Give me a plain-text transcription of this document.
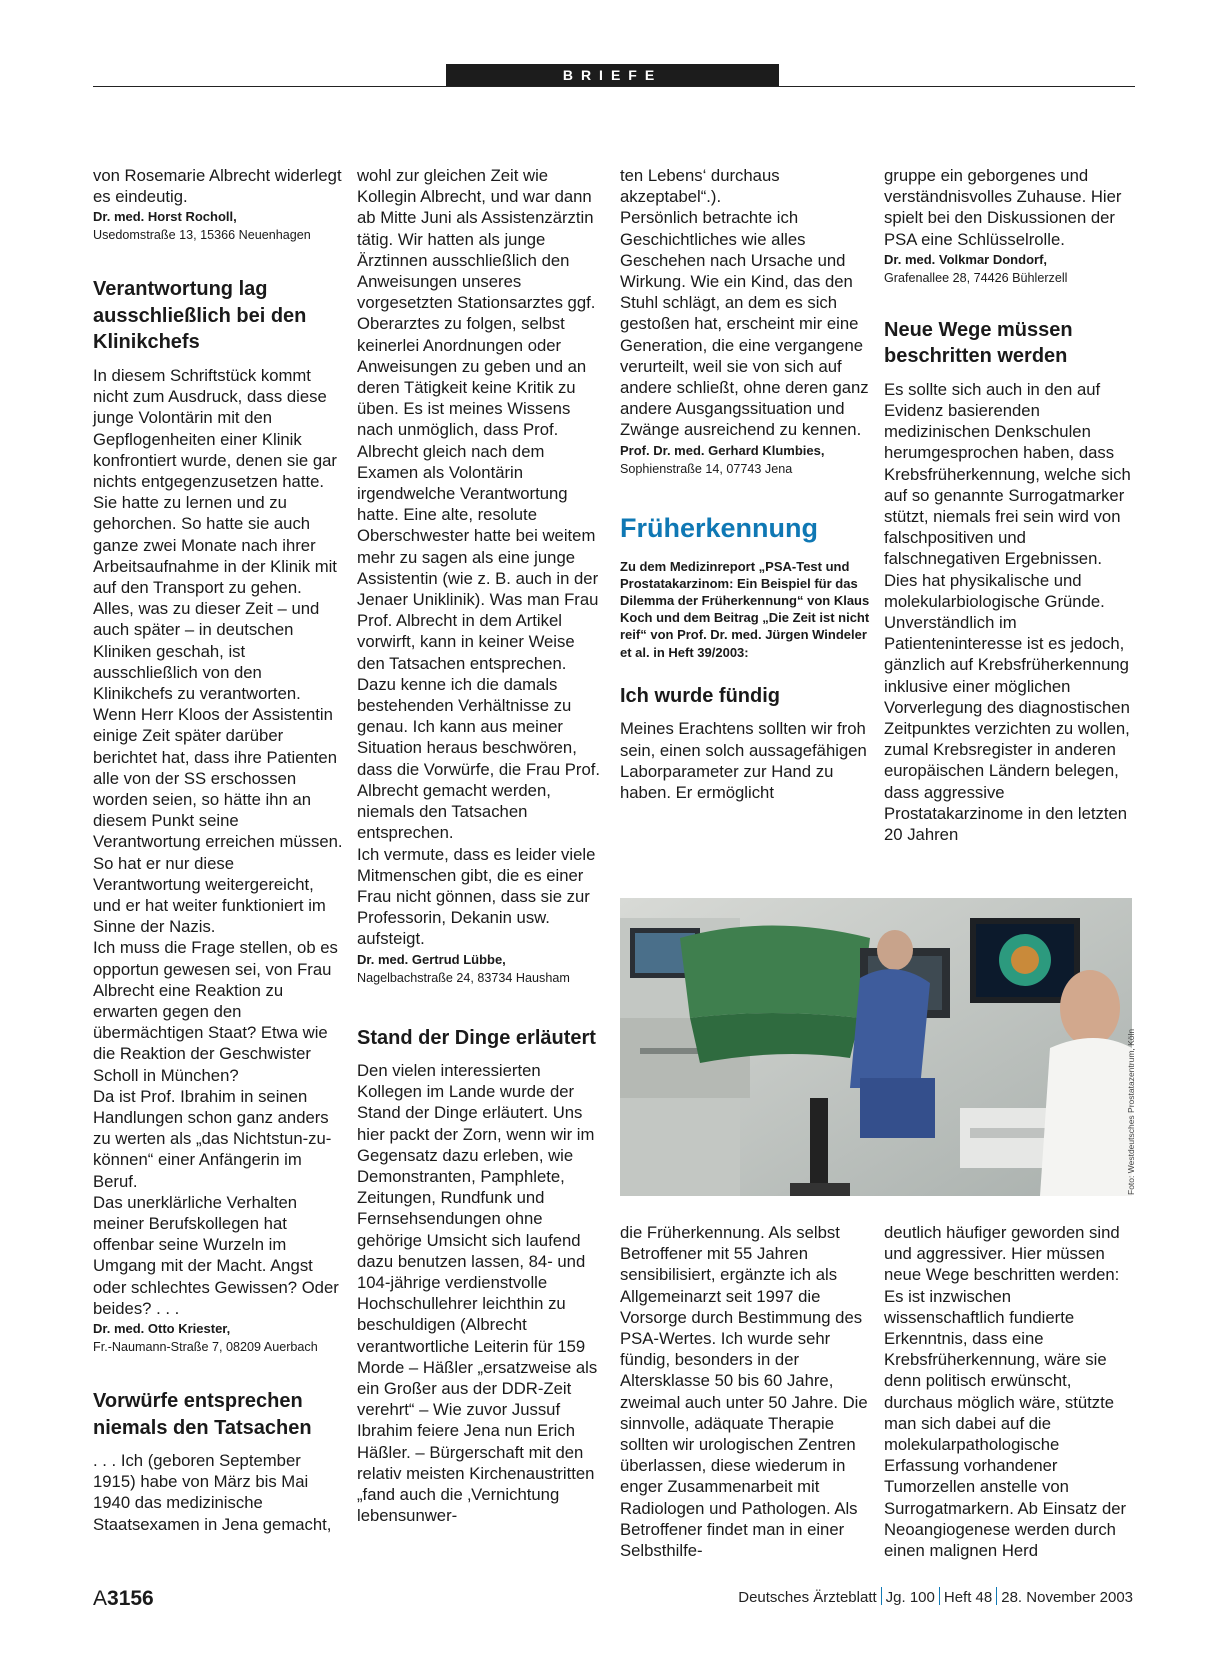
BRIEFE

von Rosemarie Albrecht widerlegt es eindeutig.

Dr. med. Horst Rocholl,
Usedomstraße 13, 15366 Neuenhagen
Verantwortung lag ausschließlich bei den Klinikchefs

In diesem Schriftstück kommt nicht zum Ausdruck, dass diese junge Volontärin mit den Gepflogenheiten einer Klinik konfrontiert wurde, denen sie gar nichts entgegenzusetzen hatte. Sie hatte zu lernen und zu gehorchen. So hatte sie auch ganze zwei Monate nach ihrer Arbeitsaufnahme in der Klinik mit auf den Transport zu gehen. Alles, was zu dieser Zeit – und auch später – in deutschen Kliniken geschah, ist ausschließlich von den Klinikchefs zu verantworten. Wenn Herr Kloos der Assistentin einige Zeit später darüber berichtet hat, dass ihre Patienten alle von der SS erschossen worden seien, so hätte ihn an diesem Punkt seine Verantwortung erreichen müssen. So hat er nur diese Verantwortung weitergereicht, und er hat weiter funktioniert im Sinne der Nazis.

Ich muss die Frage stellen, ob es opportun gewesen sei, von Frau Albrecht eine Reaktion zu erwarten gegen den übermächtigen Staat? Etwa wie die Reaktion der Geschwister Scholl in München?

Da ist Prof. Ibrahim in seinen Handlungen schon ganz anders zu werten als „das Nichtstun-zu-können“ einer Anfängerin im Beruf.

Das unerklärliche Verhalten meiner Berufskollegen hat offenbar seine Wurzeln im Umgang mit der Macht. Angst oder schlechtes Gewissen? Oder beides? . . .

Dr. med. Otto Kriester,
Fr.-Naumann-Straße 7, 08209 Auerbach
Vorwürfe entsprechen niemals den Tatsachen

. . . Ich (geboren September 1915) habe von März bis Mai 1940 das medizinische Staatsexamen in Jena gemacht,

wohl zur gleichen Zeit wie Kollegin Albrecht, und war dann ab Mitte Juni als Assistenzärztin tätig. Wir hatten als junge Ärztinnen ausschließlich den Anweisungen unseres vorgesetzten Stationsarztes ggf. Oberarztes zu folgen, selbst keinerlei Anordnungen oder Anweisungen zu geben und an deren Tätigkeit keine Kritik zu üben. Es ist meines Wissens nach unmöglich, dass Prof. Albrecht gleich nach dem Examen als Volontärin irgendwelche Verantwortung hatte. Eine alte, resolute Oberschwester hatte bei weitem mehr zu sagen als eine junge Assistentin (wie z. B. auch in der Jenaer Uniklinik). Was man Frau Prof. Albrecht in dem Artikel vorwirft, kann in keiner Weise den Tatsachen entsprechen. Dazu kenne ich die damals bestehenden Verhältnisse zu genau. Ich kann aus meiner Situation heraus beschwören, dass die Vorwürfe, die Frau Prof. Albrecht gemacht werden, niemals den Tatsachen entsprechen.

Ich vermute, dass es leider viele Mitmenschen gibt, die es einer Frau nicht gönnen, dass sie zur Professorin, Dekanin usw. aufsteigt.

Dr. med. Gertrud Lübbe,
Nagelbachstraße 24, 83734 Hausham
Stand der Dinge erläutert

Den vielen interessierten Kollegen im Lande wurde der Stand der Dinge erläutert. Uns hier packt der Zorn, wenn wir im Gegensatz dazu erleben, wie Demonstranten, Pamphlete, Zeitungen, Rundfunk und Fernsehsendungen ohne gehörige Umsicht sich laufend dazu benutzen lassen, 84- und 104-jährige verdienstvolle Hochschullehrer leichthin zu beschuldigen (Albrecht verantwortliche Leiterin für 159 Morde – Häßler „ersatzweise als ein Großer aus der DDR-Zeit verehrt“ – Wie zuvor Jussuf Ibrahim feiere Jena nun Erich Häßler. – Bürgerschaft mit den relativ meisten Kirchenaustritten „fand auch die ‚Vernichtung lebensunwer-

ten Lebens‘ durchaus akzeptabel“.).

Persönlich betrachte ich Geschichtliches wie alles Geschehen nach Ursache und Wirkung. Wie ein Kind, das den Stuhl schlägt, an dem es sich gestoßen hat, erscheint mir eine Generation, die eine vergangene verurteilt, weil sie von sich auf andere schließt, ohne deren ganz andere Ausgangssituation und Zwänge ausreichend zu kennen.

Prof. Dr. med. Gerhard Klumbies,
Sophienstraße 14, 07743 Jena
Früherkennung

Zu dem Medizinreport „PSA-Test und Prostatakarzinom: Ein Beispiel für das Dilemma der Früherkennung“ von Klaus Koch und dem Beitrag „Die Zeit ist nicht reif“ von Prof. Dr. med. Jürgen Windeler et al. in Heft 39/2003:

Ich wurde fündig

Meines Erachtens sollten wir froh sein, einen solch aussagefähigen Laborparameter zur Hand zu haben. Er ermöglicht

gruppe ein geborgenes und verständnisvolles Zuhause. Hier spielt bei den Diskussionen der PSA eine Schlüsselrolle.

Dr. med. Volkmar Dondorf,
Grafenallee 28, 74426 Bühlerzell
Neue Wege müssen beschritten werden

Es sollte sich auch in den auf Evidenz basierenden medizinischen Denkschulen herumgesprochen haben, dass Krebsfrüherkennung, welche sich auf so genannte Surrogatmarker stützt, niemals frei sein wird von falschpositiven und falschnegativen Ergebnissen. Dies hat physikalische und molekularbiologische Gründe. Unverständlich im Patienteninteresse ist es jedoch, gänzlich auf Krebsfrüherkennung inklusive einer möglichen Vorverlegung des diagnostischen Zeitpunktes verzichten zu wollen, zumal Krebsregister in anderen europäischen Ländern belegen, dass aggressive Prostatakarzinome in den letzten 20 Jahren

Foto: Westdeutsches Prostatazentrum, Köln

die Früherkennung. Als selbst Betroffener mit 55 Jahren sensibilisiert, ergänzte ich als Allgemeinarzt seit 1997 die Vorsorge durch Bestimmung des PSA-Wertes. Ich wurde sehr fündig, besonders in der Altersklasse 50 bis 60 Jahre, zweimal auch unter 50 Jahre. Die sinnvolle, adäquate Therapie sollten wir urologischen Zentren überlassen, diese wiederum in enger Zusammenarbeit mit Radiologen und Pathologen. Als Betroffener findet man in einer Selbsthilfe-

deutlich häufiger geworden sind und aggressiver. Hier müssen neue Wege beschritten werden:

Es ist inzwischen wissenschaftlich fundierte Erkenntnis, dass eine Krebsfrüherkennung, wäre sie denn politisch erwünscht, durchaus möglich wäre, stützte man sich dabei auf die molekularpathologische Erfassung vorhandener Tumorzellen anstelle von Surrogatmarkern. Ab Einsatz der Neoangiogenese werden durch einen malignen Herd

A3156	Deutsches Ärzteblatt Jg. 100 Heft 48 28. November 2003
